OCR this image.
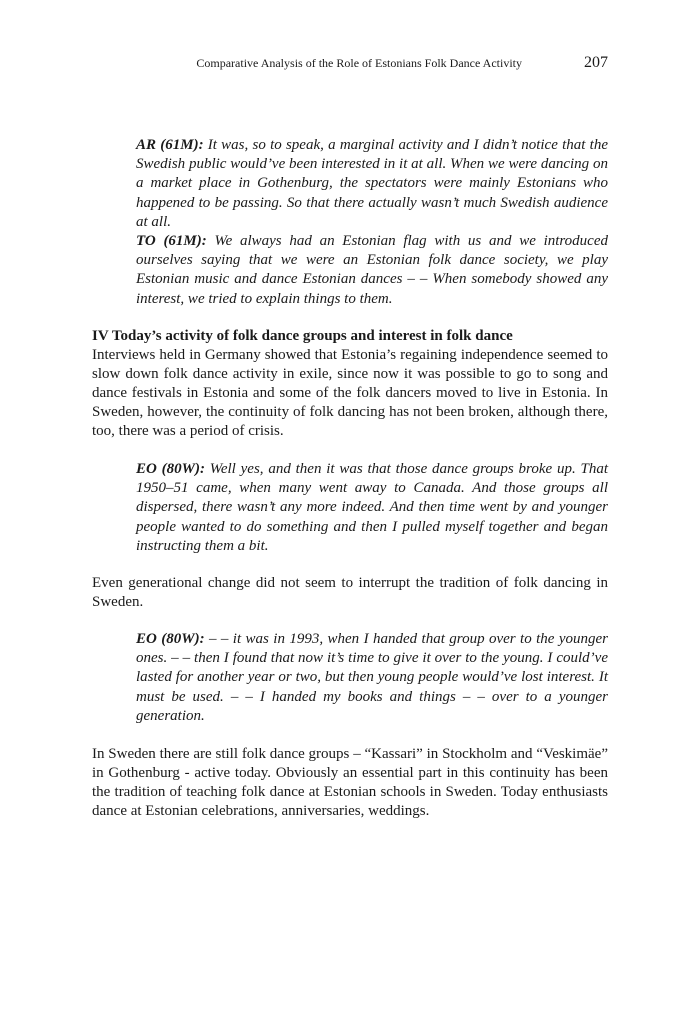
Comparative Analysis of the Role of Estonians Folk Dance Activity	207

AR (61M): It was, so to speak, a marginal activity and I didn’t notice that the Swedish public would’ve been interested in it at all. When we were dancing on a market place in Gothenburg, the spectators were mainly Estonians who happened to be passing. So that there actually wasn’t much Swedish audience at all.

TO (61M): We always had an Estonian flag with us and we introduced ourselves saying that we were an Estonian folk dance society, we play Estonian music and dance Estonian dances – – When somebody showed any interest, we tried to explain things to them.

IV Today’s activity of folk dance groups and interest in folk dance

Interviews held in Germany showed that Estonia’s regaining independence seemed to slow down folk dance activity in exile, since now it was possible to go to song and dance festivals in Estonia and some of the folk dancers moved to live in Estonia. In Sweden, however, the continuity of folk dancing has not been broken, although there, too, there was a period of crisis.

EO (80W): Well yes, and then it was that those dance groups broke up. That 1950–51 came, when many went away to Canada. And those groups all dispersed, there wasn’t any more indeed. And then time went by and younger people wanted to do something and then I pulled myself together and began instructing them a bit.

Even generational change did not seem to interrupt the tradition of folk dancing in Sweden.

EO (80W): – – it was in 1993, when I handed that group over to the younger ones. – – then I found that now it’s time to give it over to the young. I could’ve lasted for another year or two, but then young people would’ve lost interest. It must be used. – – I handed my books and things – – over to a younger generation.

In Sweden there are still folk dance groups – “Kassari” in Stockholm and “Veskimäe” in Gothenburg - active today. Obviously an essential part in this continuity has been the tradition of teaching folk dance at Estonian schools in Sweden. Today enthusiasts dance at Estonian celebrations, anniversaries, weddings.
